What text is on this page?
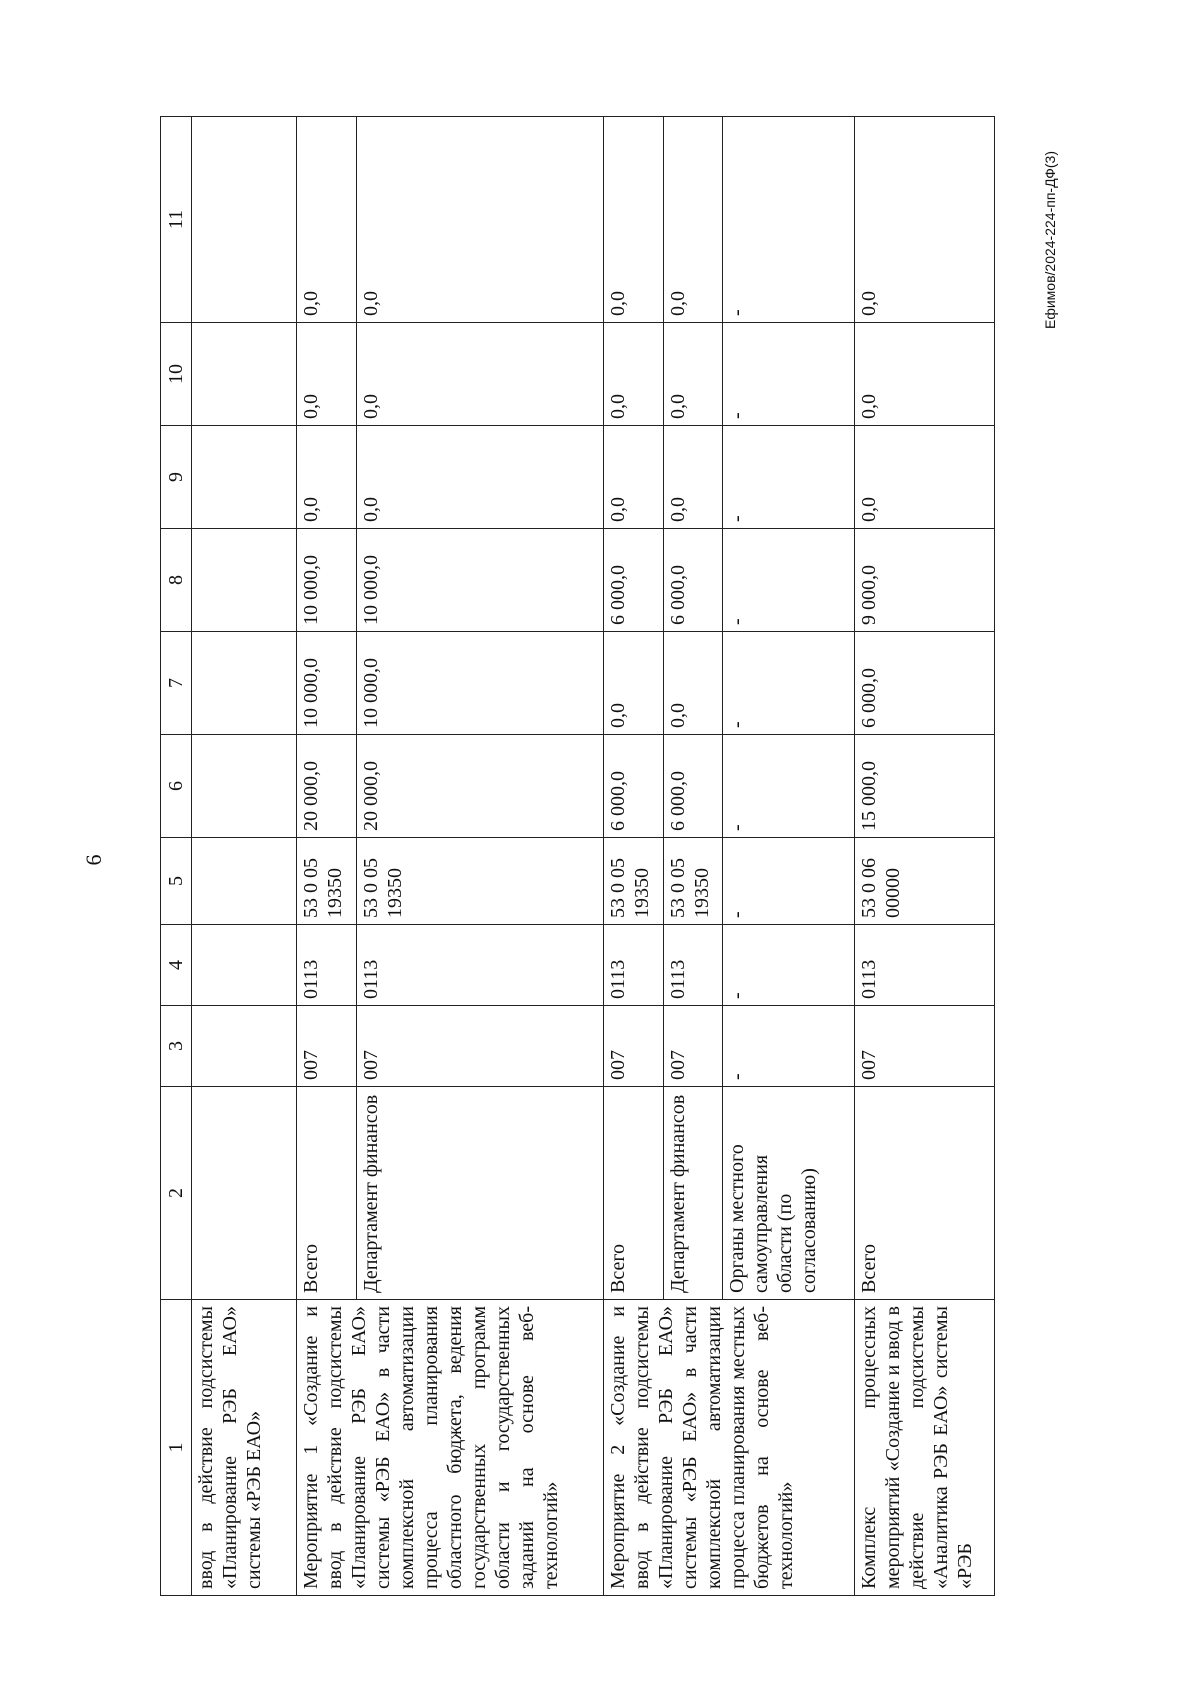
6
1	2	3	4	5	6	7	8	9	10	11
ввод в действие подсистемы «Планирование РЭБ ЕАО» системы «РЭБ ЕАО»										
Мероприятие 1 «Создание и ввод в действие подсистемы «Планирование РЭБ ЕАО» системы «РЭБ ЕАО» в части комплексной автоматизации процесса планирования областного бюджета, ведения государственных программ области и государственных заданий на основе веб-технологий»	Всего	007	0113	53 0 05 19350	20 000,0	10 000,0	10 000,0	0,0	0,0	0,0
	Департамент финансов	007	0113	53 0 05 19350	20 000,0	10 000,0	10 000,0	0,0	0,0	0,0
Мероприятие 2 «Создание и ввод в действие подсистемы «Планирование РЭБ ЕАО» системы «РЭБ ЕАО» в части комплексной автоматизации процесса планирования местных бюджетов на основе веб-технологий»	Всего	007	0113	53 0 05 19350	6 000,0	0,0	6 000,0	0,0	0,0	0,0
	Департамент финансов	007	0113	53 0 05 19350	6 000,0	0,0	6 000,0	0,0	0,0	0,0
	Органы местного самоуправления области (по согласованию)	-	-	-	-	-	-	-	-	-
Комплекс процессных мероприятий «Создание и ввод в действие подсистемы «Аналитика РЭБ ЕАО» системы «РЭБ	Всего	007	0113	53 0 06 00000	15 000,0	6 000,0	9 000,0	0,0	0,0	0,0	Ефимов/2024-224-пп-ДФ(3)
